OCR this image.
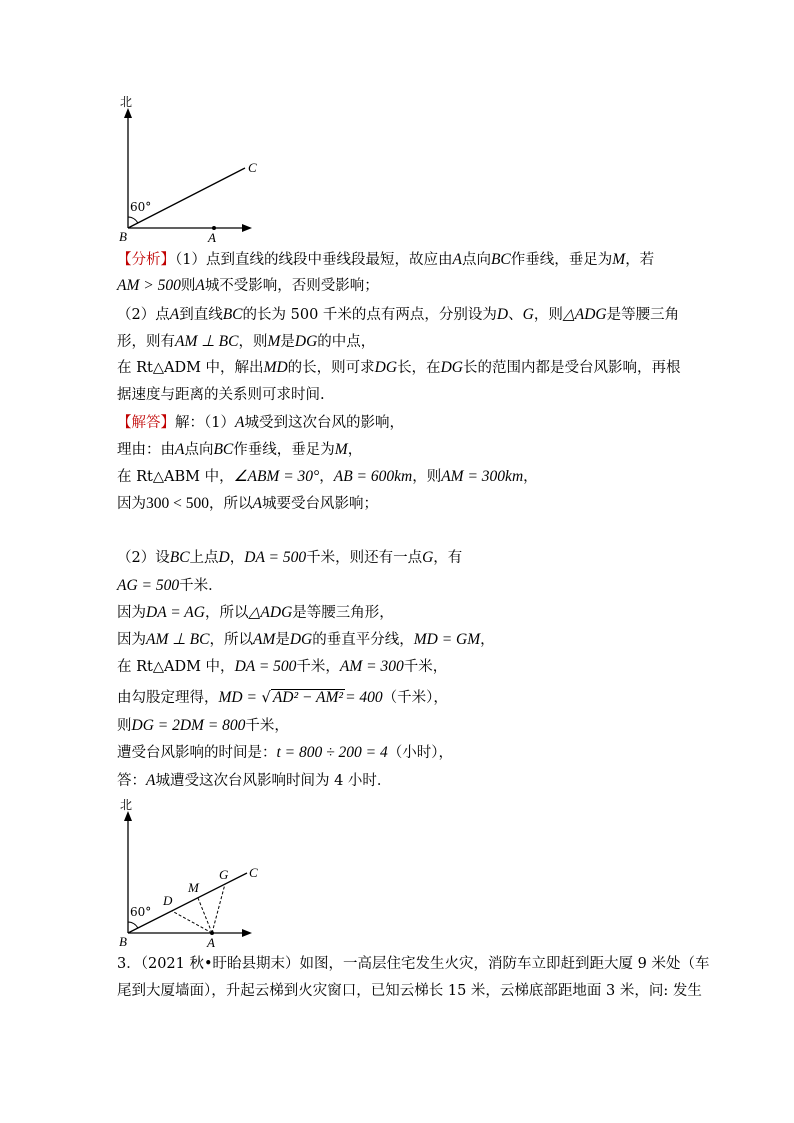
北
60°
B	A
C
【分析】（1）点到直线的线段中垂线段最短，故应由A点向BC作垂线，垂足为M，若
AM > 500则A城不受影响，否则受影响；
（2）点A到直线BC的长为 500 千米的点有两点，分别设为D、G，则△ADG是等腰三角
形，则有AM ⊥ BC，则M是DG的中点，
在 Rt△ADM 中，解出MD的长，则可求DG长，在DG长的范围内都是受台风影响，再根
据速度与距离的关系则可求时间.
【解答】解：（1）A城受到这次台风的影响，
理由：由A点向BC作垂线，垂足为M，
在 Rt△ABM 中，∠ABM = 30°，AB = 600km，则AM = 300km，
因为300 < 500，所以A城要受台风影响；
（2）设BC上点D，DA = 500千米，则还有一点G，有
AG = 500千米．
因为DA = AG，所以△ADG是等腰三角形，
因为AM ⊥ BC，所以AM是DG的垂直平分线，MD = GM，
在 Rt△ADM 中，DA = 500千米，AM = 300千米，
由勾股定理得，MD = √ AD² − AM² = 400（千米），
则DG = 2DM = 800千米，
遭受台风影响的时间是：t = 800 ÷ 200 = 4（小时），
答：A城遭受这次台风影响时间为 4 小时．
北
60°
B	A
C
D
M
G
3．（2021 秋•盱眙县期末）如图，一高层住宅发生火灾，消防车立即赶到距大厦 9 米处（车
尾到大厦墙面），升起云梯到火灾窗口，已知云梯长 15 米，云梯底部距地面 3 米，问: 发生
